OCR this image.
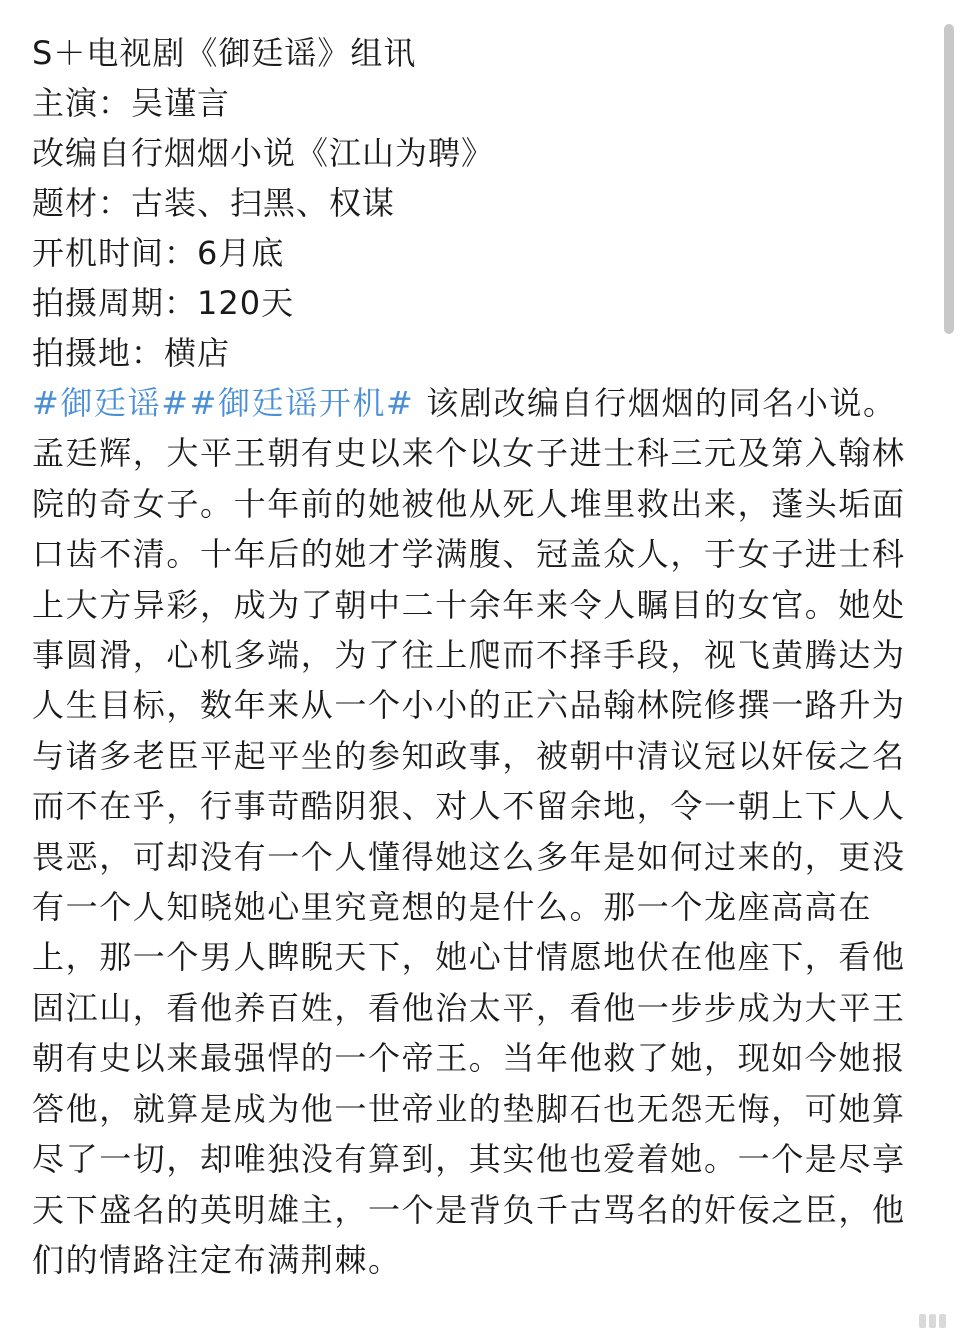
S＋电视剧《御廷谣》组讯
主演：吴谨言
改编自行烟烟小说《江山为聘》
题材：古装、扫黑、权谋
开机时间：6月底
拍摄周期：120天
拍摄地：横店

#御廷谣##御廷谣开机# 该剧改编自行烟烟的同名小说。孟廷辉，大平王朝有史以来个以女子进士科三元及第入翰林院的奇女子。十年前的她被他从死人堆里救出来，蓬头垢面口齿不清。十年后的她才学满腹、冠盖众人，于女子进士科上大方异彩，成为了朝中二十余年来令人瞩目的女官。她处事圆滑，心机多端，为了往上爬而不择手段，视飞黄腾达为人生目标，数年来从一个小小的正六品翰林院修撰一路升为与诸多老臣平起平坐的参知政事，被朝中清议冠以奸佞之名而不在乎，行事苛酷阴狠、对人不留余地，令一朝上下人人畏恶，可却没有一个人懂得她这么多年是如何过来的，更没有一个人知晓她心里究竟想的是什么。那一个龙座高高在上，那一个男人睥睨天下，她心甘情愿地伏在他座下，看他固江山，看他养百姓，看他治太平，看他一步步成为大平王朝有史以来最强悍的一个帝王。当年他救了她，现如今她报答他，就算是成为他一世帝业的垫脚石也无怨无悔，可她算尽了一切，却唯独没有算到，其实他也爱着她。一个是尽享天下盛名的英明雄主，一个是背负千古骂名的奸佞之臣，他们的情路注定布满荆棘。
